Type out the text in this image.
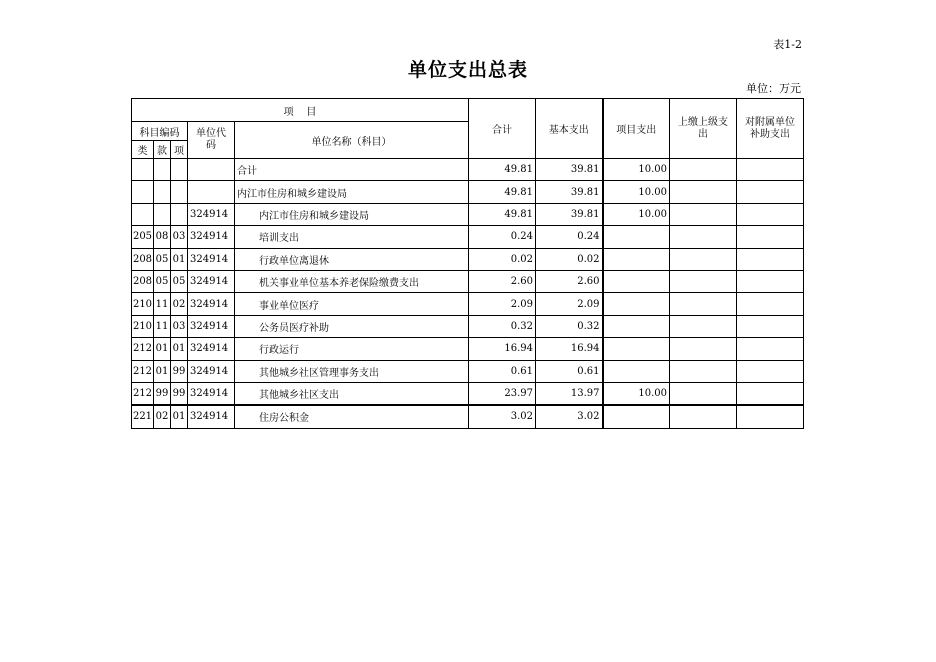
表1-2
单位支出总表
单位：万元
项    目					合计	基本支出	项目支出	上缴上级支出	对附属单位补助支出
科目编码			单位代码	单位名称（科目）					
类	款	项							
				合计	49.81	39.81	10.00		
				内江市住房和城乡建设局	49.81	39.81	10.00		
			324914	内江市住房和城乡建设局	49.81	39.81	10.00		
205	08	03	324914	培训支出	0.24	0.24			
208	05	01	324914	行政单位离退休	0.02	0.02			
208	05	05	324914	机关事业单位基本养老保险缴费支出	2.60	2.60			
210	11	02	324914	事业单位医疗	2.09	2.09			
210	11	03	324914	公务员医疗补助	0.32	0.32			
212	01	01	324914	行政运行	16.94	16.94			
212	01	99	324914	其他城乡社区管理事务支出	0.61	0.61			
212	99	99	324914	其他城乡社区支出	23.97	13.97	10.00		
221	02	01	324914	住房公积金	3.02	3.02			
